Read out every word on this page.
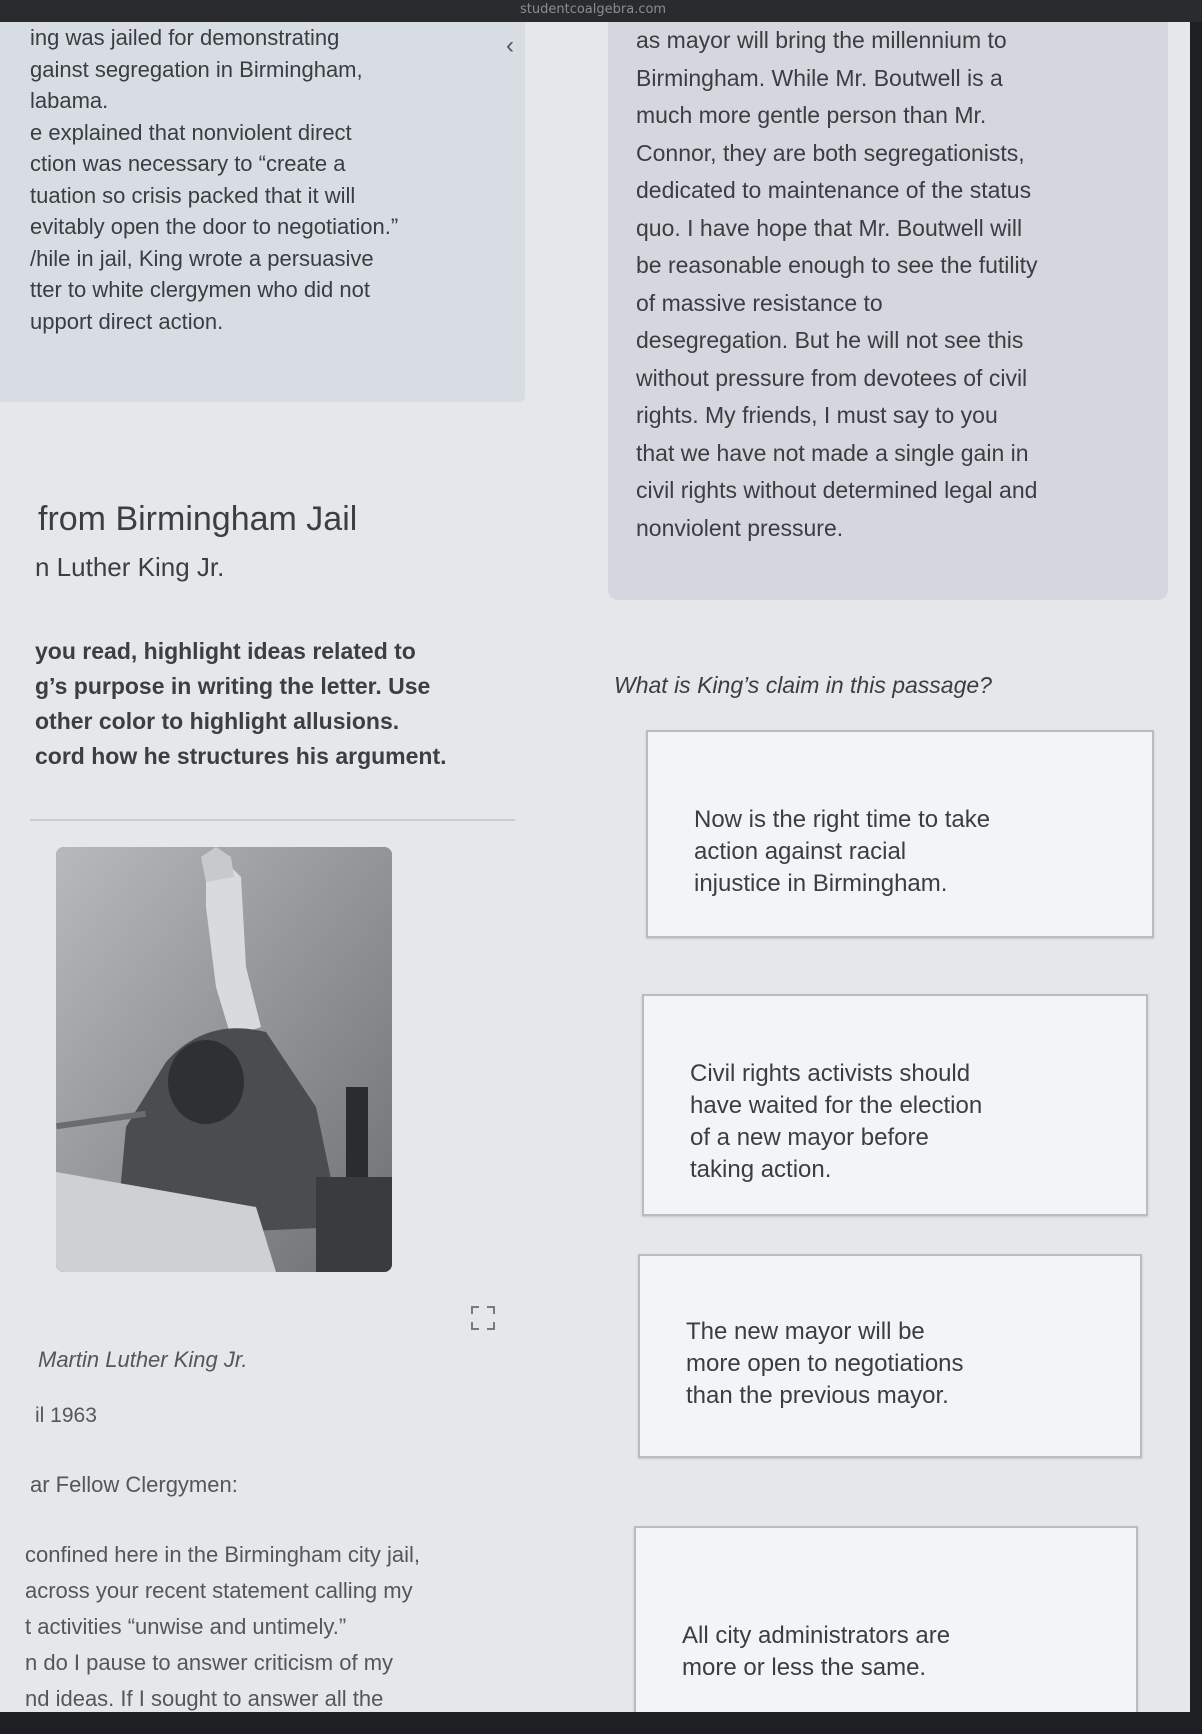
studentcoalgebra.com
ing was jailed for demonstrating
gainst segregation in Birmingham,
labama.
e explained that nonviolent direct
ction was necessary to “create a
tuation so crisis packed that it will
evitably open the door to negotiation.”
/hile in jail, King wrote a persuasive
tter to white clergymen who did not
upport direct action.
‹
from Birmingham Jail
n Luther King Jr.
you read, highlight ideas related to
g’s purpose in writing the letter. Use
other color to highlight allusions.
cord how he structures his argument.
Martin Luther King Jr.
il 1963
ar Fellow Clergymen:
confined here in the Birmingham city jail,
across your recent statement calling my
t activities “unwise and untimely.”
n do I pause to answer criticism of my
nd ideas. If I sought to answer all the
as mayor will bring the millennium to
Birmingham. While Mr. Boutwell is a
much more gentle person than Mr.
Connor, they are both segregationists,
dedicated to maintenance of the status
quo. I have hope that Mr. Boutwell will
be reasonable enough to see the futility
of massive resistance to
desegregation. But he will not see this
without pressure from devotees of civil
rights. My friends, I must say to you
that we have not made a single gain in
civil rights without determined legal and
nonviolent pressure.
What is King’s claim in this passage?
Now is the right time to take
action against racial
injustice in Birmingham.
Civil rights activists should
have waited for the election
of a new mayor before
taking action.
The new mayor will be
more open to negotiations
than the previous mayor.
All city administrators are
more or less the same.
